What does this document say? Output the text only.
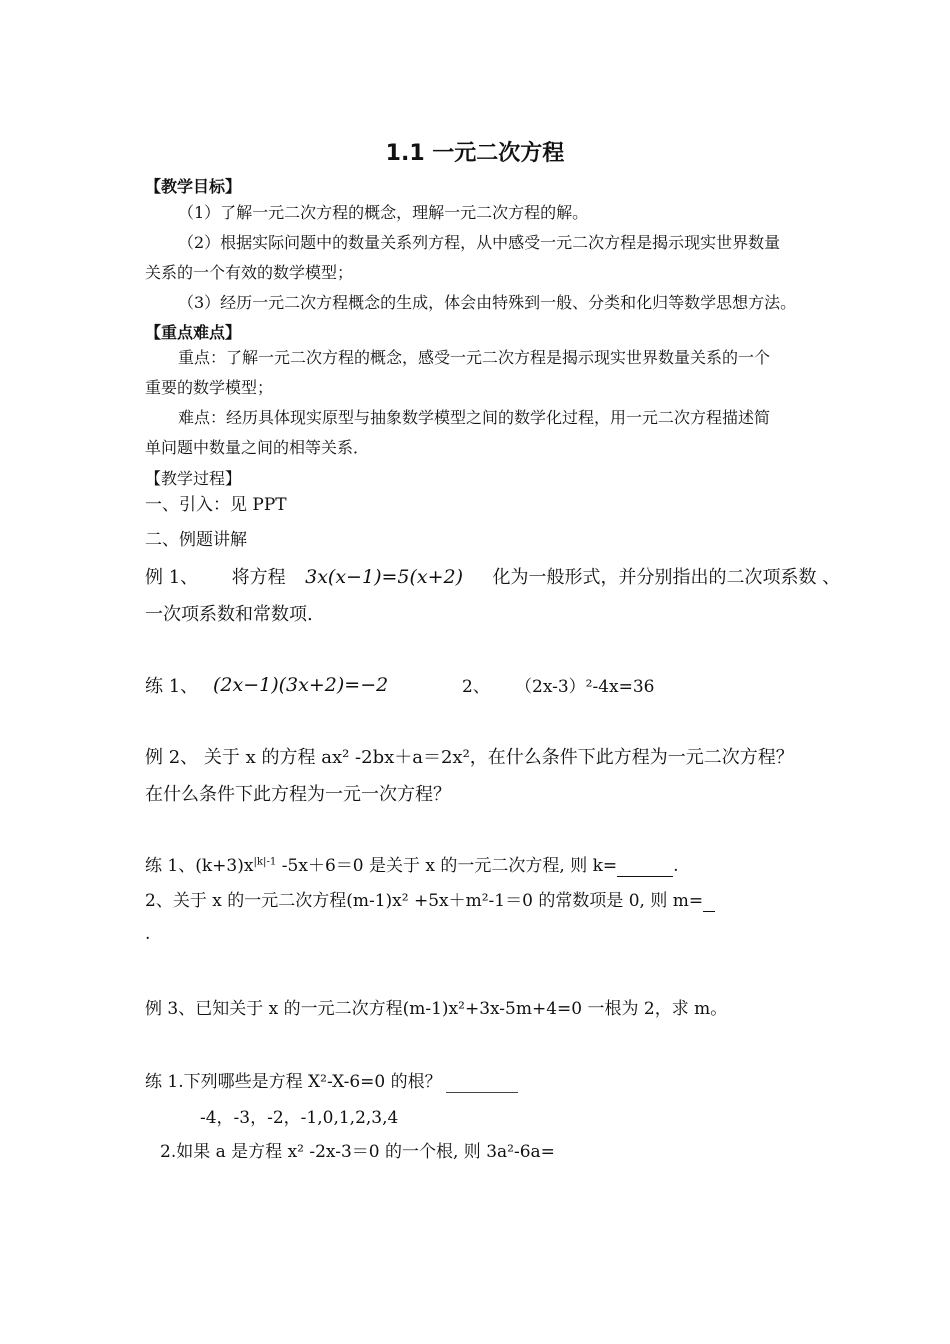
1.1 一元二次方程
【教学目标】
（1）了解一元二次方程的概念，理解一元二次方程的解。
（2）根据实际问题中的数量关系列方程，从中感受一元二次方程是揭示现实世界数量
关系的一个有效的数学模型；
（3）经历一元二次方程概念的生成，体会由特殊到一般、分类和化归等数学思想方法。
【重点难点】
重点：了解一元二次方程的概念，感受一元二次方程是揭示现实世界数量关系的一个
重要的数学模型；
难点：经历具体现实原型与抽象数学模型之间的数学化过程，用一元二次方程描述简
单问题中数量之间的相等关系．
【教学过程】
一、引入：见 PPT
二、例题讲解
例 1、 将方程 3x(x−1)=5(x+2) 化为一般形式，并分别指出的二次项系数 、
一次项系数和常数项.
练 1、 (2x−1)(3x+2)=−2	2、 （2x-3）²-4x=36
例 2、 关于 x 的方程 ax² -2bx＋a＝2x²，在什么条件下此方程为一元二次方程？
在什么条件下此方程为一元一次方程？
练 1、$(k+3)x^{|k|-1}$ -5x＋6＝0 是关于 x 的一元二次方程, 则 k=	.
2、关于 x 的一元二次方程(m-1)x² +5x＋m²-1＝0 的常数项是 0, 则 m=
.
例 3、已知关于 x 的一元二次方程(m-1)x²+3x-5m+4=0 一根为 2，求 m。
练 1.下列哪些是方程 X²-X-6=0 的根？
-4，-3，-2，-1,0,1,2,3,4
2.如果 a 是方程 x² -2x-3＝0 的一个根, 则 3a²-6a=
